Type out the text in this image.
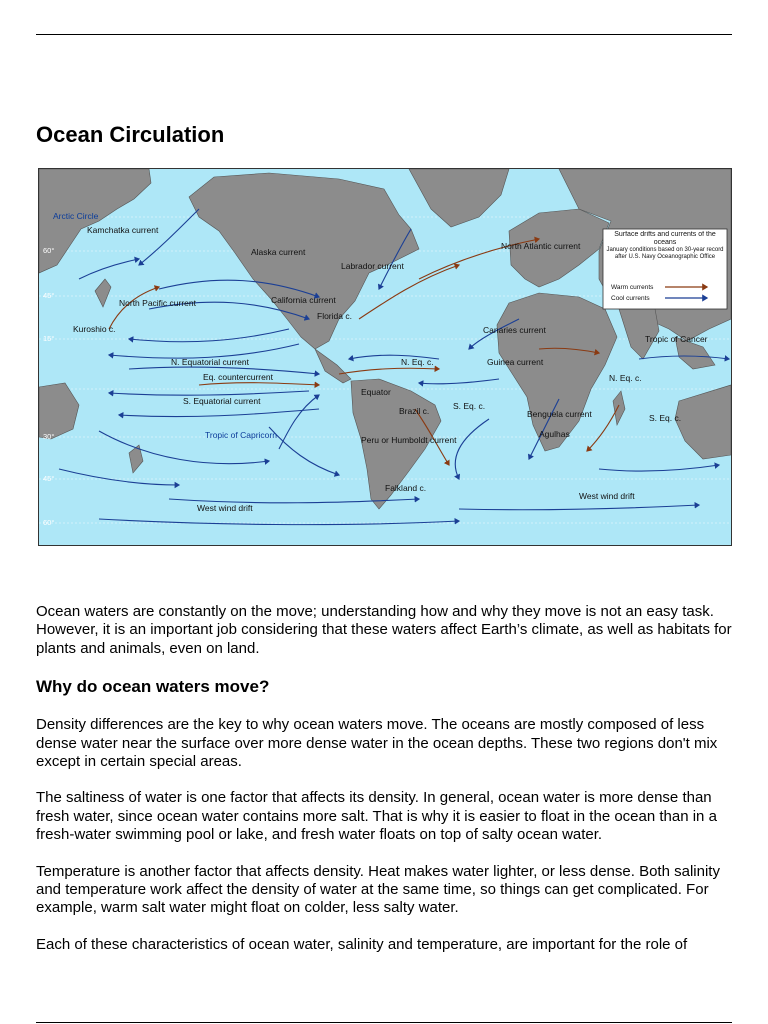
Ocean Circulation
60°
45°
15°
30°
45°
60°
Arctic Circle
Kamchatka current
Alaska current
Labrador current
North Atlantic current
North Pacific current	California current
Florida c.
Kuroshio c.	Canaries current
Tropic of Cancer
N. Equatorial current
Eq. countercurrent
N. Eq. c.	Guinea current
N. Eq. c.
S. Equatorial current
Equator
Brazil c.	S. Eq. c.
Benguela current	S. Eq. c.
Tropic of Capricorn	Peru or Humboldt current
Agulhas
Falkland c.
West wind drift
West wind drift
Surface drifts and currents of the oceans
January conditions based on 30-year record after U.S. Navy Oceanographic Office
Warm currents
Cool currents

Ocean waters are constantly on the move; understanding how and why they move is not an easy task. However, it is an important job considering that these waters affect Earth’s climate, as well as habitats for plants and animals, even on land.

Why do ocean waters move?

Density differences are the key to why ocean waters move. The oceans are mostly composed of less dense water near the surface over more dense water in the ocean depths. These two regions don't mix except in certain special areas.

The saltiness of water is one factor that affects its density. In general, ocean water is more dense than fresh water, since ocean water contains more salt. That is why it is easier to float in the ocean than in a fresh-water swimming pool or lake, and fresh water floats on top of salty ocean water.

Temperature is another factor that affects density. Heat makes water lighter, or less dense. Both salinity and temperature work affect the density of water at the same time, so things can get complicated. For example, warm salt water might float on colder, less salty water.

Each of these characteristics of ocean water, salinity and temperature, are important for the role of
